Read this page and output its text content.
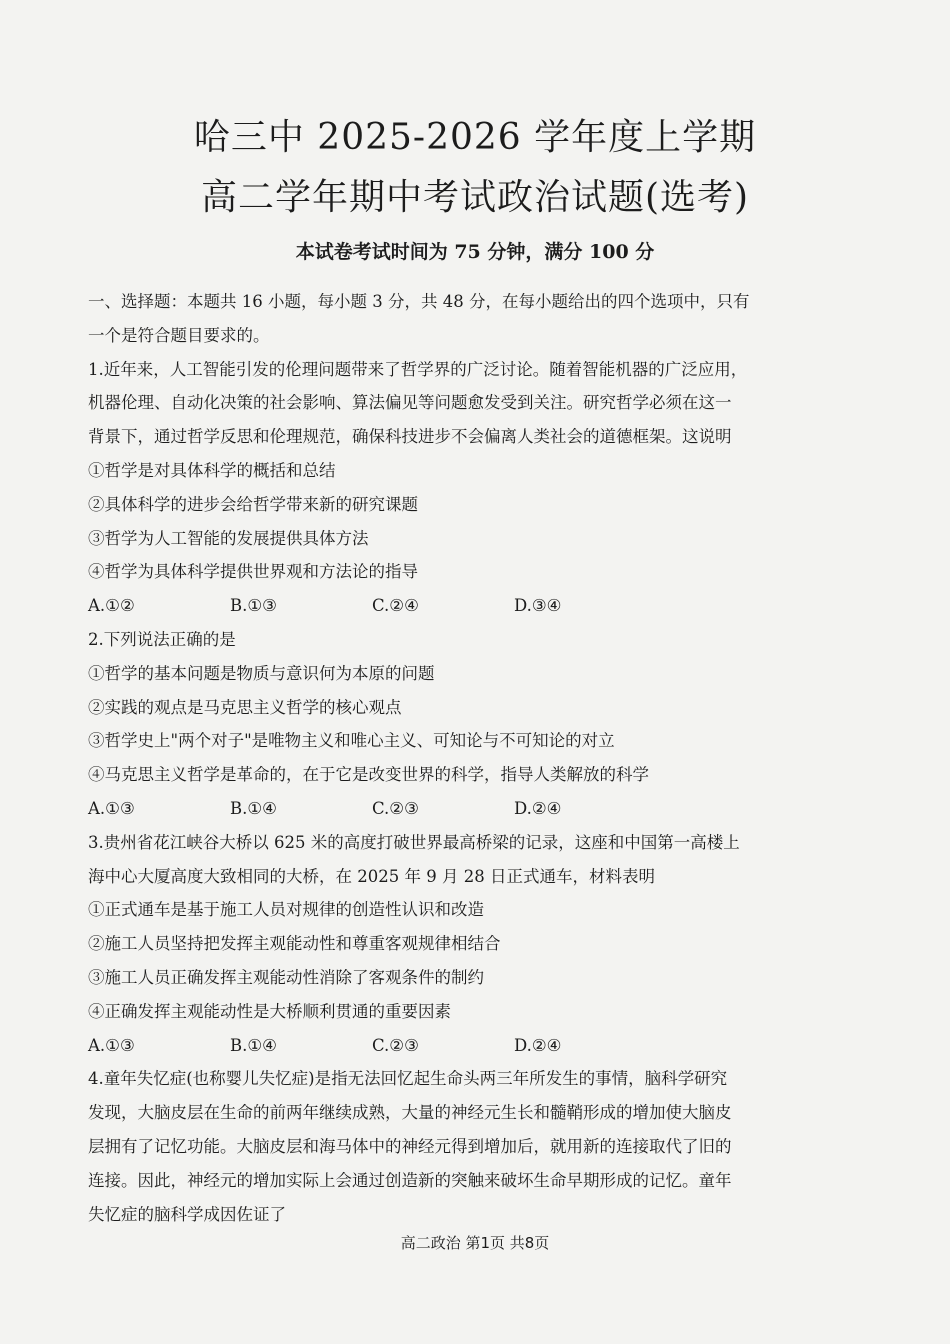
哈三中 2025-2026 学年度上学期
高二学年期中考试政治试题(选考)
本试卷考试时间为 75 分钟，满分 100 分
一、选择题：本题共 16 小题，每小题 3 分，共 48 分，在每小题给出的四个选项中，只有
一个是符合题目要求的。
1.近年来，人工智能引发的伦理问题带来了哲学界的广泛讨论。随着智能机器的广泛应用，
机器伦理、自动化决策的社会影响、算法偏见等问题愈发受到关注。研究哲学必须在这一
背景下，通过哲学反思和伦理规范，确保科技进步不会偏离人类社会的道德框架。这说明
①哲学是对具体科学的概括和总结
②具体科学的进步会给哲学带来新的研究课题
③哲学为人工智能的发展提供具体方法
④哲学为具体科学提供世界观和方法论的指导
A.①②	B.①③	C.②④	D.③④
2.下列说法正确的是
①哲学的基本问题是物质与意识何为本原的问题
②实践的观点是马克思主义哲学的核心观点
③哲学史上"两个对子"是唯物主义和唯心主义、可知论与不可知论的对立
④马克思主义哲学是革命的，在于它是改变世界的科学，指导人类解放的科学
A.①③	B.①④	C.②③	D.②④
3.贵州省花江峡谷大桥以 625 米的高度打破世界最高桥梁的记录，这座和中国第一高楼上
海中心大厦高度大致相同的大桥，在 2025 年 9 月 28 日正式通车，材料表明
①正式通车是基于施工人员对规律的创造性认识和改造
②施工人员坚持把发挥主观能动性和尊重客观规律相结合
③施工人员正确发挥主观能动性消除了客观条件的制约
④正确发挥主观能动性是大桥顺利贯通的重要因素
A.①③	B.①④	C.②③	D.②④
4.童年失忆症(也称婴儿失忆症)是指无法回忆起生命头两三年所发生的事情，脑科学研究
发现，大脑皮层在生命的前两年继续成熟，大量的神经元生长和髓鞘形成的增加使大脑皮
层拥有了记忆功能。大脑皮层和海马体中的神经元得到增加后，就用新的连接取代了旧的
连接。因此，神经元的增加实际上会通过创造新的突触来破坏生命早期形成的记忆。童年
失忆症的脑科学成因佐证了
高二政治 第1页 共8页
